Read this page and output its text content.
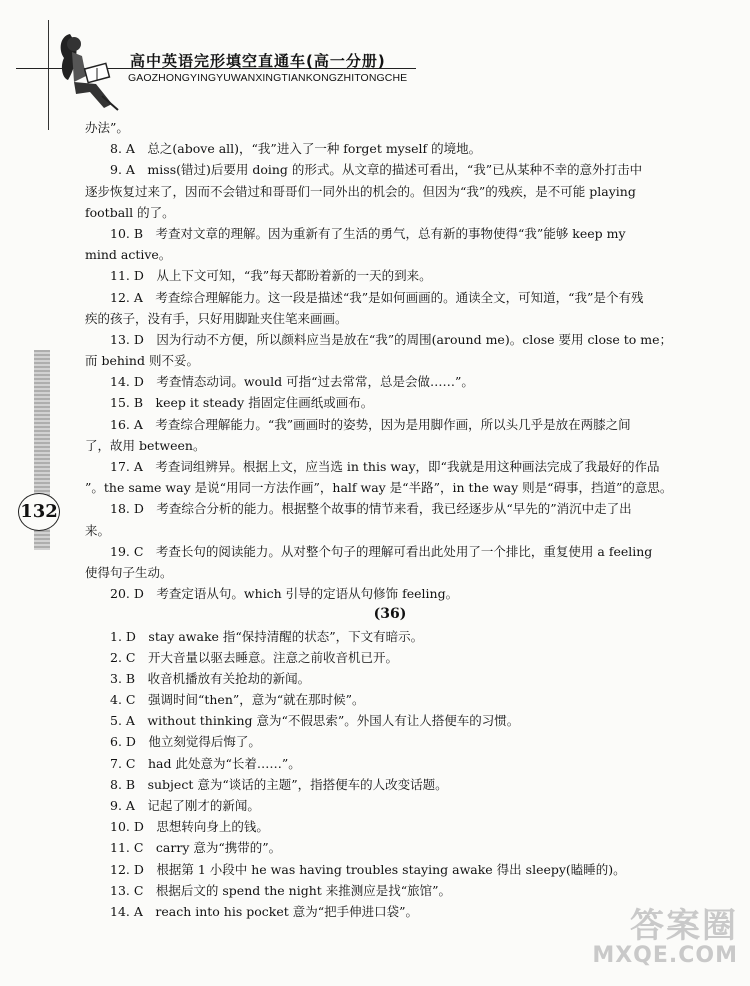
高中英语完形填空直通车(高一分册)
GAOZHONGYINGYUWANXINGTIANKONGZHITONGCHE
132
办法”。
8. A　总之(above all)，“我”进入了一种 forget myself 的境地。
9. A　miss(错过)后要用 doing 的形式。从文章的描述可看出，“我”已从某种不幸的意外打击中
逐步恢复过来了，因而不会错过和哥哥们一同外出的机会的。但因为“我”的残疾，是不可能 playing
football 的了。
10. B　考查对文章的理解。因为重新有了生活的勇气，总有新的事物使得“我”能够 keep my
mind active。
11. D　从上下文可知，“我”每天都盼着新的一天的到来。
12. A　考查综合理解能力。这一段是描述“我”是如何画画的。通读全文，可知道，“我”是个有残
疾的孩子，没有手，只好用脚趾夹住笔来画画。
13. D　因为行动不方便，所以颜料应当是放在“我”的周围(around me)。close 要用 close to me；
而 behind 则不妥。
14. D　考查情态动词。would 可指“过去常常，总是会做……”。
15. B　keep it steady 指固定住画纸或画布。
16. A　考查综合理解能力。“我”画画时的姿势，因为是用脚作画，所以头几乎是放在两膝之间
了，故用 between。
17. A　考查词组辨异。根据上文，应当选 in this way，即“我就是用这种画法完成了我最好的作品
”。the same way 是说“用同一方法作画”，half way 是“半路”，in the way 则是“碍事，挡道”的意思。
18. D　考查综合分析的能力。根据整个故事的情节来看，我已经逐步从“早先的”消沉中走了出
来。
19. C　考查长句的阅读能力。从对整个句子的理解可看出此处用了一个排比，重复使用 a feeling
使得句子生动。
20. D　考查定语从句。which 引导的定语从句修饰 feeling。
(36)
1. D　stay awake 指“保持清醒的状态”，下文有暗示。
2. C　开大音量以驱去睡意。注意之前收音机已开。
3. B　收音机播放有关抢劫的新闻。
4. C　强调时间“then”，意为“就在那时候”。
5. A　without thinking 意为“不假思索”。外国人有让人搭便车的习惯。
6. D　他立刻觉得后悔了。
7. C　had 此处意为“长着……”。
8. B　subject 意为“谈话的主题”，指搭便车的人改变话题。
9. A　记起了刚才的新闻。
10. D　思想转向身上的钱。
11. C　carry 意为“携带的”。
12. D　根据第 1 小段中 he was having troubles staying awake 得出 sleepy(瞌睡的)。
13. C　根据后文的 spend the night 来推测应是找“旅馆”。
14. A　reach into his pocket 意为“把手伸进口袋”。	答案圈
MXQE.COM
